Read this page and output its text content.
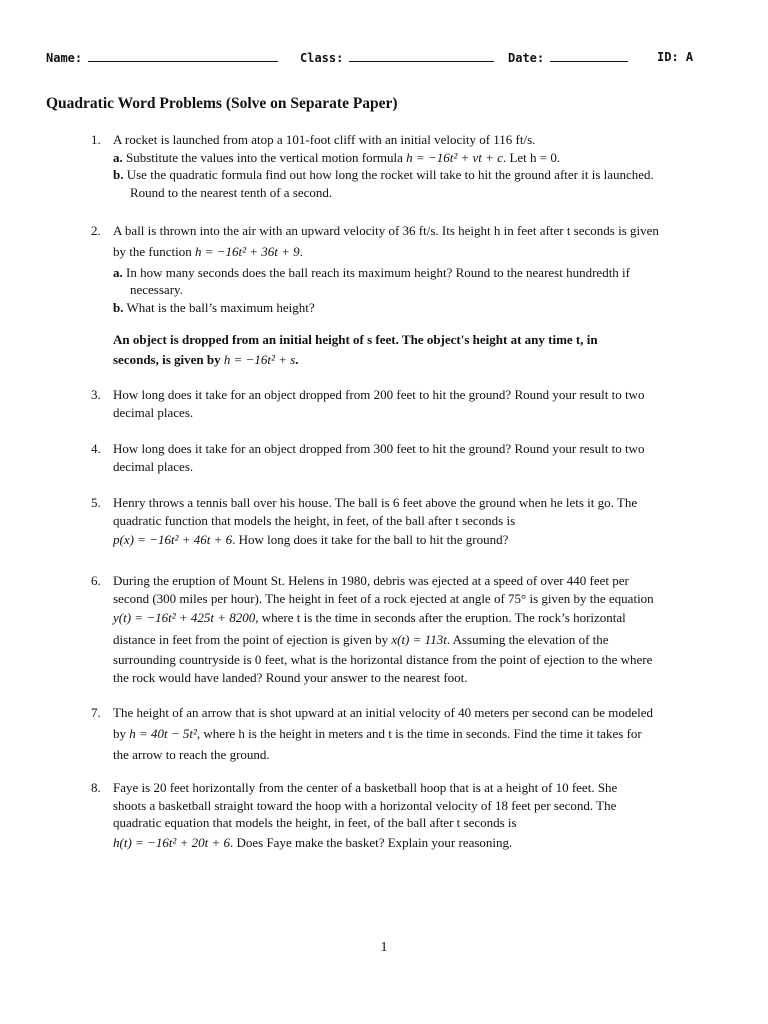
Name:	Class:	Date:	ID: A
Quadratic Word Problems (Solve on Separate Paper)
1. A rocket is launched from atop a 101-foot cliff with an initial velocity of 116 ft/s.
a. Substitute the values into the vertical motion formula h = −16t² + vt + c. Let h = 0.
b. Use the quadratic formula find out how long the rocket will take to hit the ground after it is launched.
Round to the nearest tenth of a second.
2. A ball is thrown into the air with an upward velocity of 36 ft/s. Its height h in feet after t seconds is given
by the function h = −16t² + 36t + 9.
a. In how many seconds does the ball reach its maximum height? Round to the nearest hundredth if
necessary.
b. What is the ball’s maximum height?
An object is dropped from an initial height of s feet. The object's height at any time t, in
seconds, is given by h = −16t² + s.
3. How long does it take for an object dropped from 200 feet to hit the ground? Round your result to two
decimal places.
4. How long does it take for an object dropped from 300 feet to hit the ground? Round your result to two
decimal places.
5. Henry throws a tennis ball over his house. The ball is 6 feet above the ground when he lets it go. The
quadratic function that models the height, in feet, of the ball after t seconds is
p(x) = −16t² + 46t + 6. How long does it take for the ball to hit the ground?
6. During the eruption of Mount St. Helens in 1980, debris was ejected at a speed of over 440 feet per
second (300 miles per hour). The height in feet of a rock ejected at angle of 75° is given by the equation
y(t) = −16t² + 425t + 8200, where t is the time in seconds after the eruption. The rock’s horizontal
distance in feet from the point of ejection is given by x(t) = 113t. Assuming the elevation of the
surrounding countryside is 0 feet, what is the horizontal distance from the point of ejection to the where
the rock would have landed? Round your answer to the nearest foot.
7. The height of an arrow that is shot upward at an initial velocity of 40 meters per second can be modeled
by h = 40t − 5t², where h is the height in meters and t is the time in seconds. Find the time it takes for
the arrow to reach the ground.
8. Faye is 20 feet horizontally from the center of a basketball hoop that is at a height of 10 feet. She
shoots a basketball straight toward the hoop with a horizontal velocity of 18 feet per second. The
quadratic equation that models the height, in feet, of the ball after t seconds is
h(t) = −16t² + 20t + 6. Does Faye make the basket? Explain your reasoning.
1
